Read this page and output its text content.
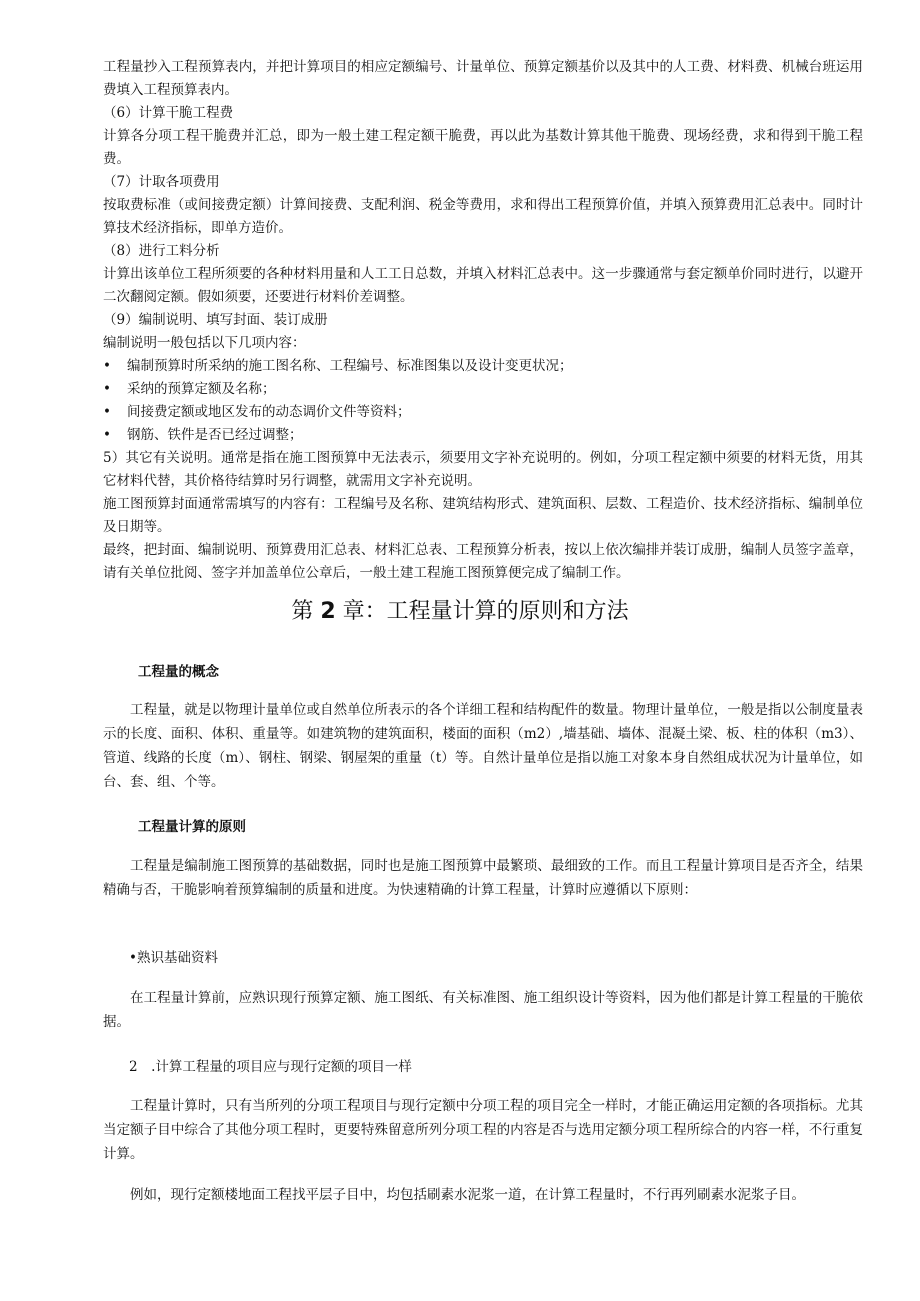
工程量抄入工程预算表内，并把计算项目的相应定额编号、计量单位、预算定额基价以及其中的人工费、材料费、机械台班运用费填入工程预算表内。

（6）计算干脆工程费

计算各分项工程干脆费并汇总，即为一般土建工程定额干脆费，再以此为基数计算其他干脆费、现场经费，求和得到干脆工程费。

（7）计取各项费用

按取费标准（或间接费定额）计算间接费、支配利润、税金等费用，求和得出工程预算价值，并填入预算费用汇总表中。同时计算技术经济指标，即单方造价。

（8）进行工料分析

计算出该单位工程所须要的各种材料用量和人工工日总数，并填入材料汇总表中。这一步骤通常与套定额单价同时进行，以避开二次翻阅定额。假如须要，还要进行材料价差调整。

（9）编制说明、填写封面、装订成册

编制说明一般包括以下几项内容：

•	编制预算时所采纳的施工图名称、工程编号、标准图集以及设计变更状况；
•	采纳的预算定额及名称；
•	间接费定额或地区发布的动态调价文件等资料；
•	钢筋、铁件是否已经过调整；

5）其它有关说明。通常是指在施工图预算中无法表示，须要用文字补充说明的。例如，分项工程定额中须要的材料无货，用其它材料代替，其价格待结算时另行调整，就需用文字补充说明。

施工图预算封面通常需填写的内容有：工程编号及名称、建筑结构形式、建筑面积、层数、工程造价、技术经济指标、编制单位及日期等。

最终，把封面、编制说明、预算费用汇总表、材料汇总表、工程预算分析表，按以上依次编排并装订成册，编制人员签字盖章，请有关单位批阅、签字并加盖单位公章后，一般土建工程施工图预算便完成了编制工作。

第 2 章：工程量计算的原则和方法
工程量的概念

工程量，就是以物理计量单位或自然单位所表示的各个详细工程和结构配件的数量。物理计量单位，一般是指以公制度量表示的长度、面积、体积、重量等。如建筑物的建筑面积，楼面的面积（m2）,墙基础、墙体、混凝土梁、板、柱的体积（m3）、管道、线路的长度（m）、钢柱、钢梁、钢屋架的重量（t）等。自然计量单位是指以施工对象本身自然组成状况为计量单位，如台、套、组、个等。

工程量计算的原则

工程量是编制施工图预算的基础数据，同时也是施工图预算中最繁琐、最细致的工作。而且工程量计算项目是否齐全，结果精确与否，干脆影响着预算编制的质量和进度。为快速精确的计算工程量，计算时应遵循以下原则：

•熟识基础资料

在工程量计算前，应熟识现行预算定额、施工图纸、有关标准图、施工组织设计等资料，因为他们都是计算工程量的干脆依据。

2　.计算工程量的项目应与现行定额的项目一样

工程量计算时，只有当所列的分项工程项目与现行定额中分项工程的项目完全一样时，才能正确运用定额的各项指标。尤其当定额子目中综合了其他分项工程时，更要特殊留意所列分项工程的内容是否与选用定额分项工程所综合的内容一样，不行重复计算。

例如，现行定额楼地面工程找平层子目中，均包括刷素水泥浆一道，在计算工程量时，不行再列刷素水泥浆子目。
